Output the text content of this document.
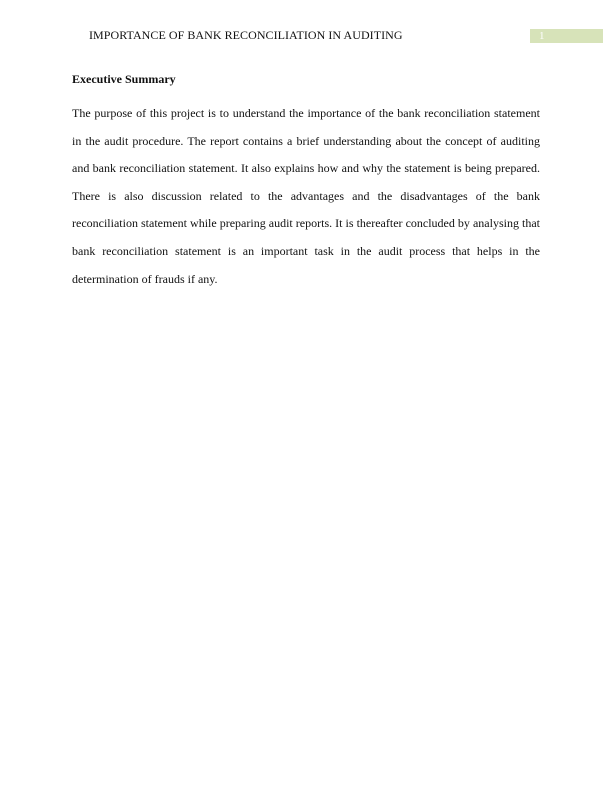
IMPORTANCE OF BANK RECONCILIATION IN AUDITING	1
Executive Summary

The purpose of this project is to understand the importance of the bank reconciliation statement in the audit procedure. The report contains a brief understanding about the concept of auditing and bank reconciliation statement. It also explains how and why the statement is being prepared. There is also discussion related to the advantages and the disadvantages of the bank reconciliation statement while preparing audit reports. It is thereafter concluded by analysing that bank reconciliation statement is an important task in the audit process that helps in the determination of frauds if any.
